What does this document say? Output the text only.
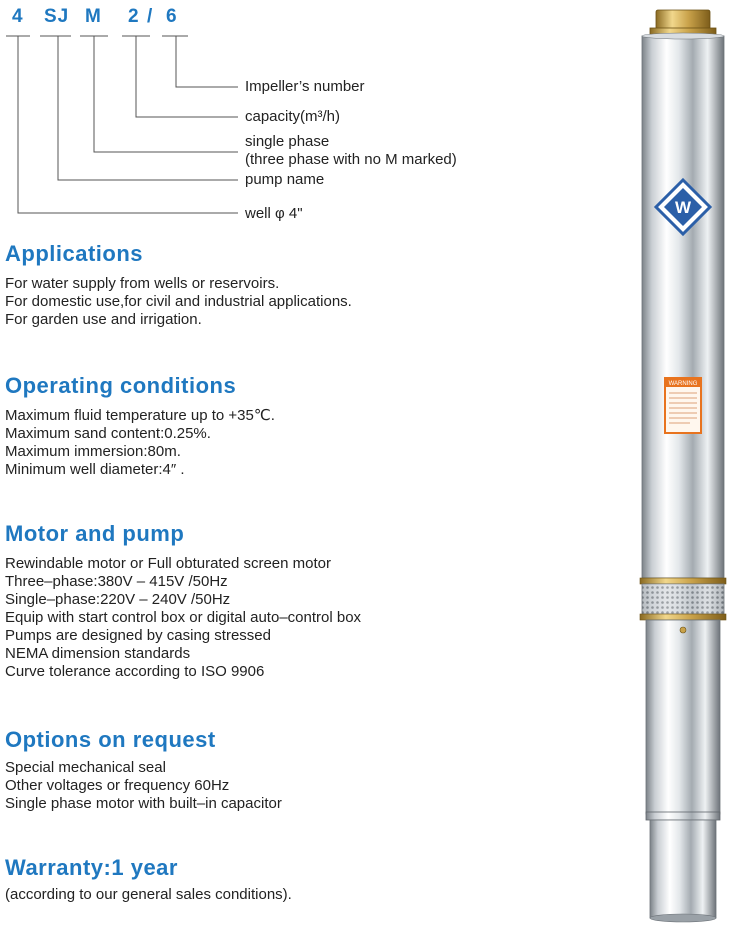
4 SJ M 2 / 6
Impeller’s number
capacity(m³/h)
single phase
(three phase with no M marked)
pump name
well φ 4"
Applications
For water supply from wells or reservoirs.
For domestic use,for civil and industrial applications.
For garden use and irrigation.
Operating conditions
Maximum fluid temperature up to +35℃.
Maximum sand content:0.25%.
Maximum immersion:80m.
Minimum well diameter:4″ .
Motor and pump
Rewindable motor or Full obturated screen motor
Three–phase:380V – 415V /50Hz
Single–phase:220V – 240V /50Hz
Equip with start control box or digital auto–control box
Pumps are designed by casing stressed
NEMA dimension standards
Curve tolerance according to ISO 9906
Options on request
Special mechanical seal
Other voltages or frequency 60Hz
Single phase motor with built–in capacitor
Warranty:1 year
(according to our general sales conditions).
W
WARNING
